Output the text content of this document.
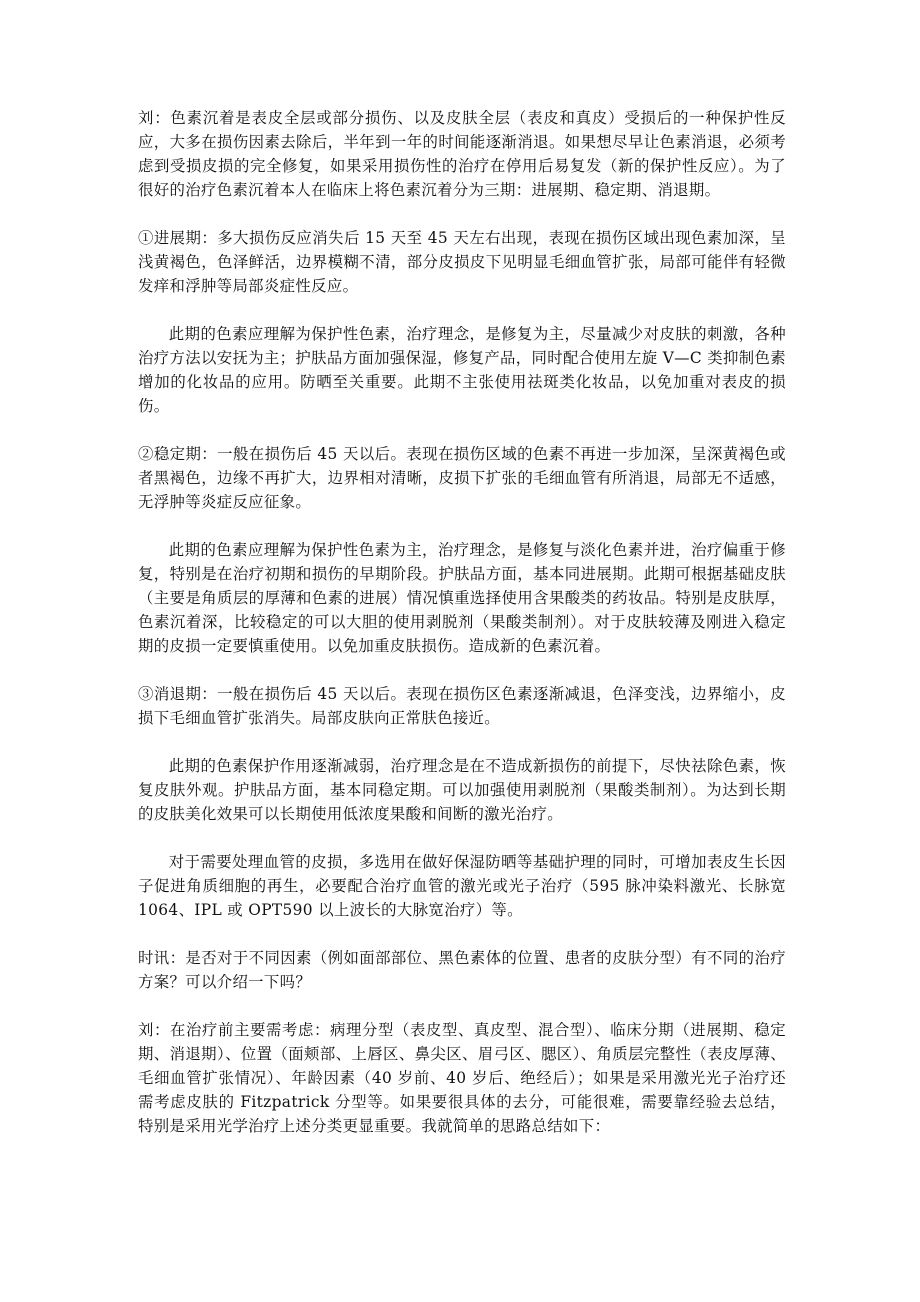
刘：色素沉着是表皮全层或部分损伤、以及皮肤全层（表皮和真皮）受损后的一种保护性反应，大多在损伤因素去除后，半年到一年的时间能逐渐消退。如果想尽早让色素消退，必须考虑到受损皮损的完全修复，如果采用损伤性的治疗在停用后易复发（新的保护性反应）。为了很好的治疗色素沉着本人在临床上将色素沉着分为三期：进展期、稳定期、消退期。

①进展期：多大损伤反应消失后 15 天至 45 天左右出现，表现在损伤区域出现色素加深，呈浅黄褐色，色泽鲜活，边界模糊不清，部分皮损皮下见明显毛细血管扩张，局部可能伴有轻微发痒和浮肿等局部炎症性反应。

此期的色素应理解为保护性色素，治疗理念，是修复为主，尽量减少对皮肤的刺激，各种治疗方法以安抚为主；护肤品方面加强保湿，修复产品，同时配合使用左旋 V—C 类抑制色素增加的化妆品的应用。防晒至关重要。此期不主张使用祛斑类化妆品，以免加重对表皮的损伤。

②稳定期：一般在损伤后 45 天以后。表现在损伤区域的色素不再进一步加深，呈深黄褐色或者黑褐色，边缘不再扩大，边界相对清晰，皮损下扩张的毛细血管有所消退，局部无不适感，无浮肿等炎症反应征象。

此期的色素应理解为保护性色素为主，治疗理念，是修复与淡化色素并进，治疗偏重于修复，特别是在治疗初期和损伤的早期阶段。护肤品方面，基本同进展期。此期可根据基础皮肤（主要是角质层的厚薄和色素的进展）情况慎重选择使用含果酸类的药妆品。特别是皮肤厚，色素沉着深，比较稳定的可以大胆的使用剥脱剂（果酸类制剂）。对于皮肤较薄及刚进入稳定期的皮损一定要慎重使用。以免加重皮肤损伤。造成新的色素沉着。

③消退期：一般在损伤后 45 天以后。表现在损伤区色素逐渐减退，色泽变浅，边界缩小，皮损下毛细血管扩张消失。局部皮肤向正常肤色接近。

此期的色素保护作用逐渐减弱，治疗理念是在不造成新损伤的前提下，尽快祛除色素，恢复皮肤外观。护肤品方面，基本同稳定期。可以加强使用剥脱剂（果酸类制剂）。为达到长期的皮肤美化效果可以长期使用低浓度果酸和间断的激光治疗。

对于需要处理血管的皮损，多选用在做好保湿防晒等基础护理的同时，可增加表皮生长因子促进角质细胞的再生，必要配合治疗血管的激光或光子治疗（595 脉冲染料激光、长脉宽 1064、IPL 或 OPT590 以上波长的大脉宽治疗）等。

时讯：是否对于不同因素（例如面部部位、黑色素体的位置、患者的皮肤分型）有不同的治疗方案？可以介绍一下吗？

刘：在治疗前主要需考虑：病理分型（表皮型、真皮型、混合型）、临床分期（进展期、稳定期、消退期）、位置（面颊部、上唇区、鼻尖区、眉弓区、腮区）、角质层完整性（表皮厚薄、毛细血管扩张情况）、年龄因素（40 岁前、40 岁后、绝经后）；如果是采用激光光子治疗还需考虑皮肤的 Fitzpatrick 分型等。如果要很具体的去分，可能很难，需要靠经验去总结，特别是采用光学治疗上述分类更显重要。我就简单的思路总结如下：
